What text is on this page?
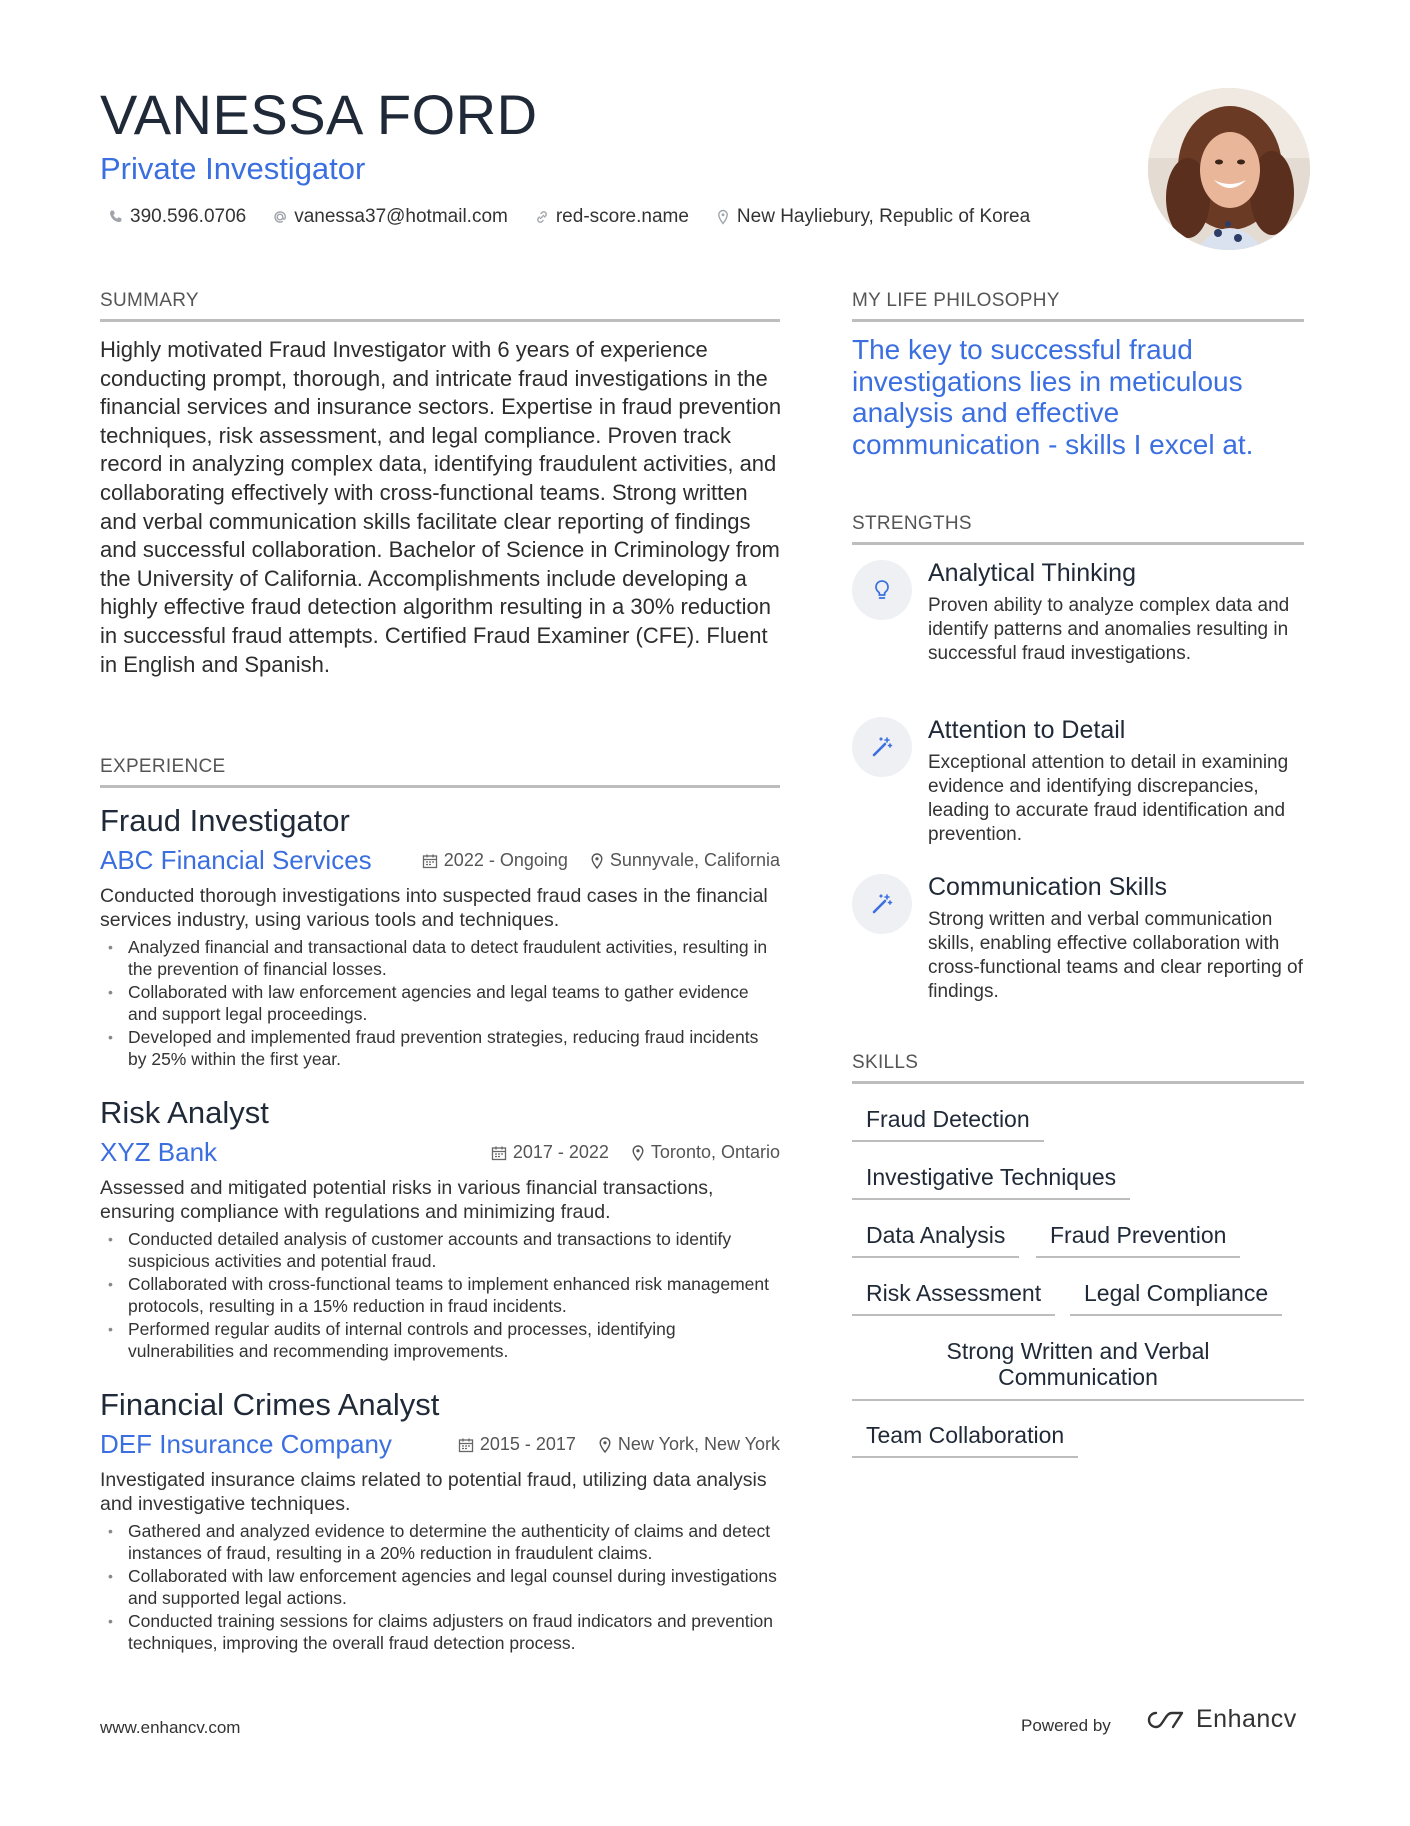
VANESSA FORD
Private Investigator
390.596.0706	vanessa37@hotmail.com	red-score.name	New Hayliebury, Republic of Korea
SUMMARY
Highly motivated Fraud Investigator with 6 years of experience conducting prompt, thorough, and intricate fraud investigations in the financial services and insurance sectors. Expertise in fraud prevention techniques, risk assessment, and legal compliance. Proven track record in analyzing complex data, identifying fraudulent activities, and collaborating effectively with cross-functional teams. Strong written and verbal communication skills facilitate clear reporting of findings and successful collaboration. Bachelor of Science in Criminology from the University of California. Accomplishments include developing a highly effective fraud detection algorithm resulting in a 30% reduction in successful fraud attempts. Certified Fraud Examiner (CFE). Fluent in English and Spanish.
EXPERIENCE
Fraud Investigator
ABC Financial Services	2022 - Ongoing Sunnyvale, California
Conducted thorough investigations into suspected fraud cases in the financial services industry, using various tools and techniques.
• Analyzed financial and transactional data to detect fraudulent activities, resulting in the prevention of financial losses.
• Collaborated with law enforcement agencies and legal teams to gather evidence and support legal proceedings.
• Developed and implemented fraud prevention strategies, reducing fraud incidents by 25% within the first year.
Risk Analyst
XYZ Bank	2017 - 2022 Toronto, Ontario
Assessed and mitigated potential risks in various financial transactions, ensuring compliance with regulations and minimizing fraud.
• Conducted detailed analysis of customer accounts and transactions to identify suspicious activities and potential fraud.
• Collaborated with cross-functional teams to implement enhanced risk management protocols, resulting in a 15% reduction in fraud incidents.
• Performed regular audits of internal controls and processes, identifying vulnerabilities and recommending improvements.
Financial Crimes Analyst
DEF Insurance Company	2015 - 2017 New York, New York
Investigated insurance claims related to potential fraud, utilizing data analysis and investigative techniques.
• Gathered and analyzed evidence to determine the authenticity of claims and detect instances of fraud, resulting in a 20% reduction in fraudulent claims.
• Collaborated with law enforcement agencies and legal counsel during investigations and supported legal actions.
• Conducted training sessions for claims adjusters on fraud indicators and prevention techniques, improving the overall fraud detection process.
MY LIFE PHILOSOPHY
The key to successful fraud investigations lies in meticulous analysis and effective communication - skills I excel at.
STRENGTHS
Analytical Thinking
Proven ability to analyze complex data and identify patterns and anomalies resulting in successful fraud investigations.
Attention to Detail
Exceptional attention to detail in examining evidence and identifying discrepancies, leading to accurate fraud identification and prevention.
Communication Skills
Strong written and verbal communication skills, enabling effective collaboration with cross-functional teams and clear reporting of findings.
SKILLS
Fraud Detection
Investigative Techniques
Data Analysis	Fraud Prevention
Risk Assessment	Legal Compliance
Strong Written and Verbal Communication
Team Collaboration
www.enhancv.com	Powered by	Enhancv
